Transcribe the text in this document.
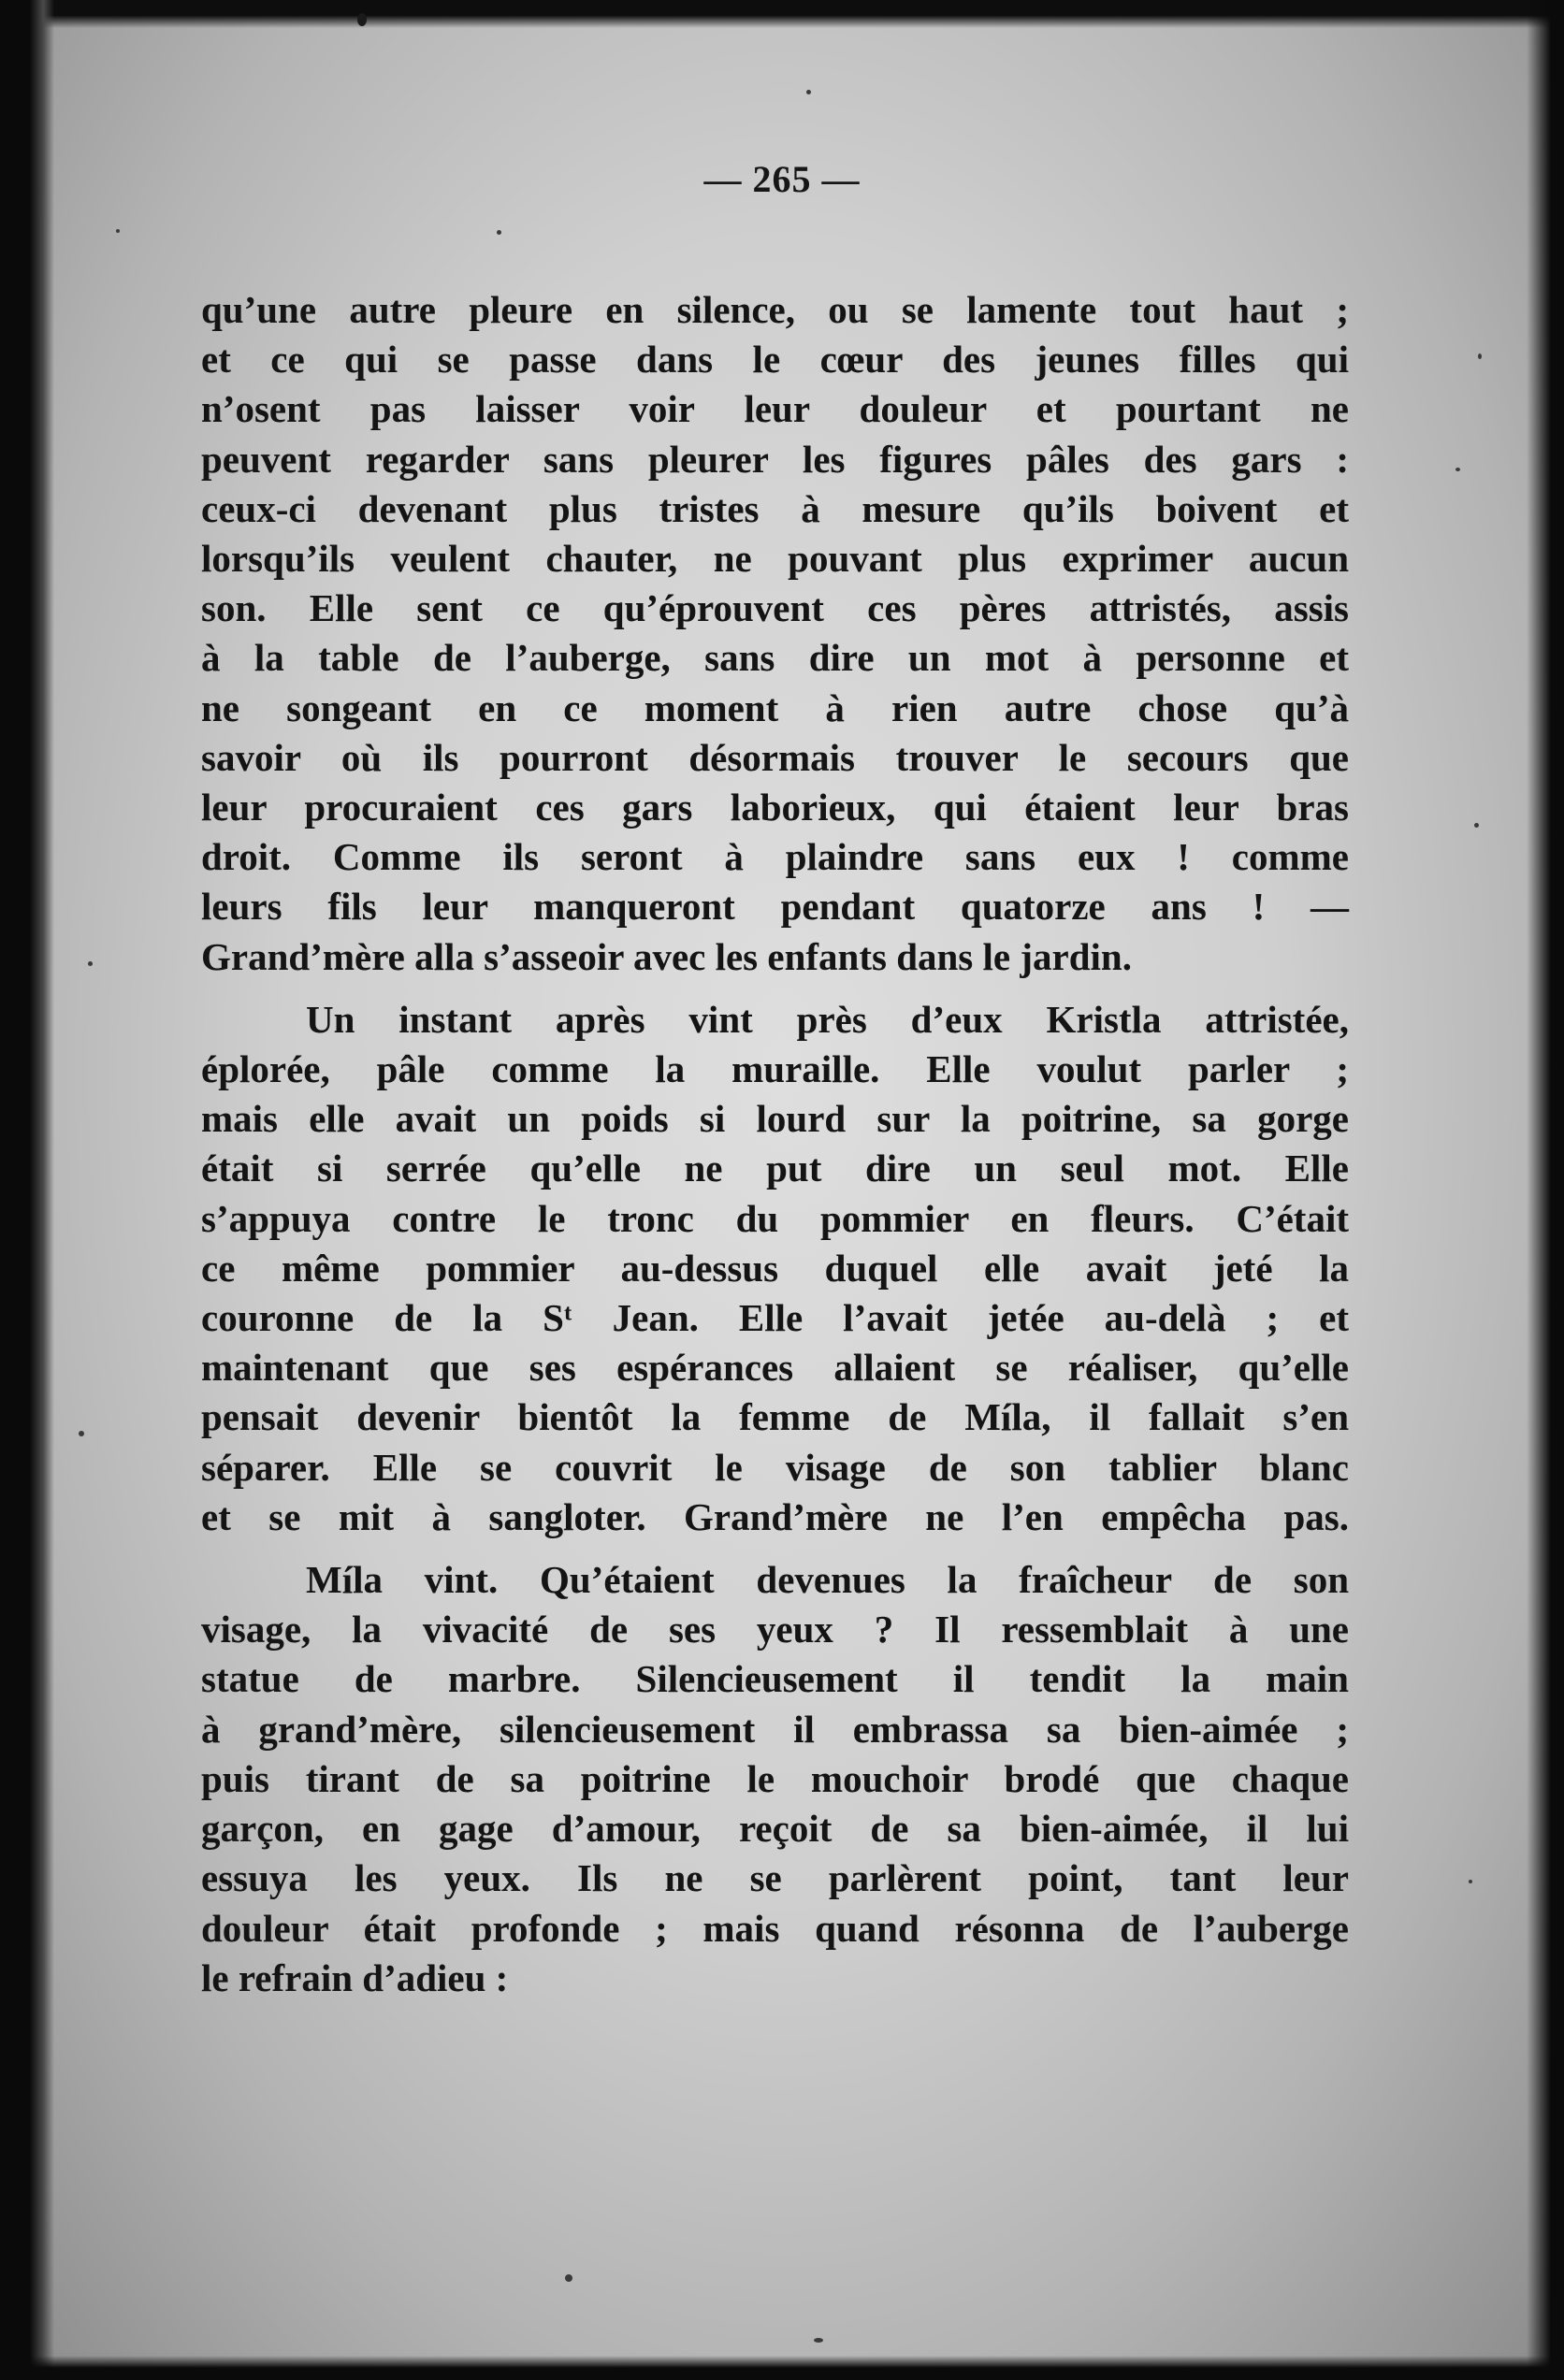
— 265 —

qu’une autre pleure en silence, ou se lamente tout haut ;
et ce qui se passe dans le cœur des jeunes filles qui
n’osent pas laisser voir leur douleur et pourtant ne
peuvent regarder sans pleurer les figures pâles des gars :
ceux-ci devenant plus tristes à mesure qu’ils boivent et
lorsqu’ils veulent chauter, ne pouvant plus exprimer aucun
son. Elle sent ce qu’éprouvent ces pères attristés, assis
à la table de l’auberge, sans dire un mot à personne et
ne songeant en ce moment à rien autre chose qu’à
savoir où ils pourront désormais trouver le secours que
leur procuraient ces gars laborieux, qui étaient leur bras
droit. Comme ils seront à plaindre sans eux ! comme
leurs fils leur manqueront pendant quatorze ans ! —
Grand’mère alla s’asseoir avec les enfants dans le jardin.

Un instant après vint près d’eux Kristla attristée,
éplorée, pâle comme la muraille. Elle voulut parler ;
mais elle avait un poids si lourd sur la poitrine, sa gorge
était si serrée qu’elle ne put dire un seul mot. Elle
s’appuya contre le tronc du pommier en fleurs. C’était
ce même pommier au-dessus duquel elle avait jeté la
couronne de la Sᵗ Jean. Elle l’avait jetée au-delà ; et
maintenant que ses espérances allaient se réaliser, qu’elle
pensait devenir bientôt la femme de Míla, il fallait s’en
séparer. Elle se couvrit le visage de son tablier blanc
et se mit à sangloter. Grand’mère ne l’en empêcha pas.

Míla vint. Qu’étaient devenues la fraîcheur de son
visage, la vivacité de ses yeux ? Il ressemblait à une
statue de marbre. Silencieusement il tendit la main
à grand’mère, silencieusement il embrassa sa bien-aimée ;
puis tirant de sa poitrine le mouchoir brodé que chaque
garçon, en gage d’amour, reçoit de sa bien-aimée, il lui
essuya les yeux. Ils ne se parlèrent point, tant leur
douleur était profonde ; mais quand résonna de l’auberge
le refrain d’adieu :
